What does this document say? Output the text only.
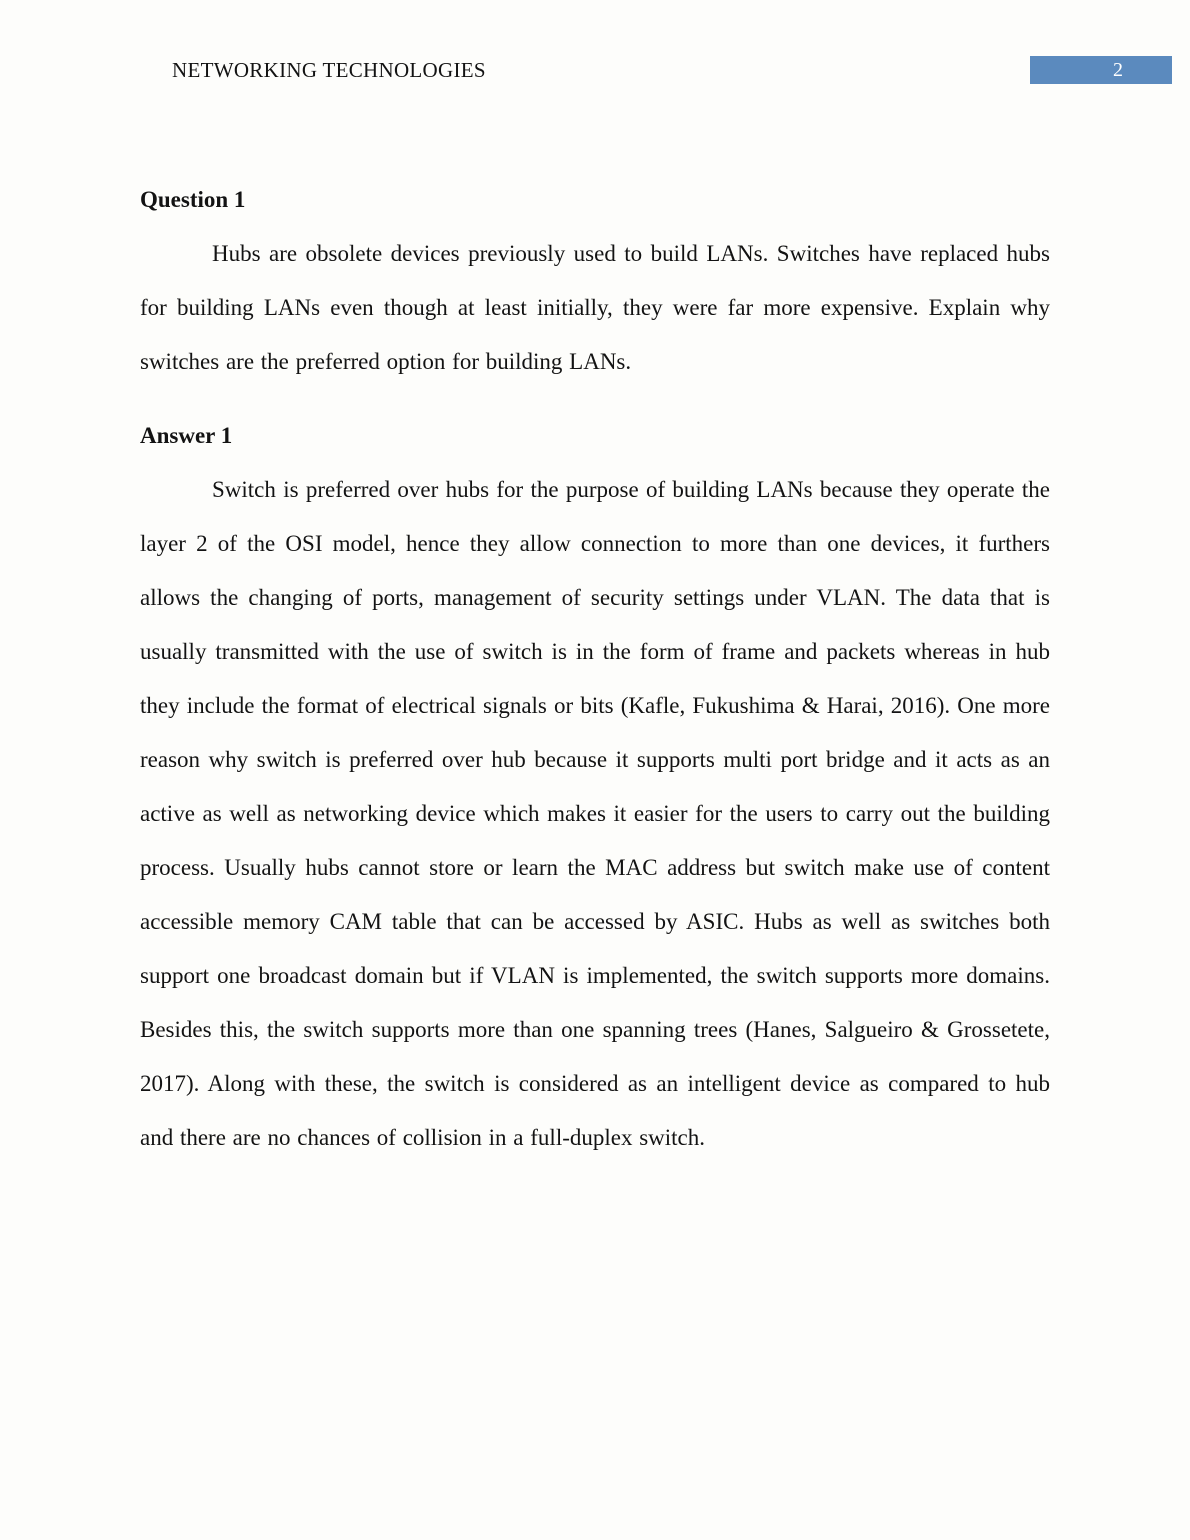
NETWORKING TECHNOLOGIES	2
Question 1

Hubs are obsolete devices previously used to build LANs. Switches have replaced hubs for building LANs even though at least initially, they were far more expensive. Explain why switches are the preferred option for building LANs.

Answer 1

Switch is preferred over hubs for the purpose of building LANs because they operate the layer 2 of the OSI model, hence they allow connection to more than one devices, it furthers allows the changing of ports, management of security settings under VLAN. The data that is usually transmitted with the use of switch is in the form of frame and packets whereas in hub they include the format of electrical signals or bits (Kafle, Fukushima & Harai, 2016). One more reason why switch is preferred over hub because it supports multi port bridge and it acts as an active as well as networking device which makes it easier for the users to carry out the building process. Usually hubs cannot store or learn the MAC address but switch make use of content accessible memory CAM table that can be accessed by ASIC. Hubs as well as switches both support one broadcast domain but if VLAN is implemented, the switch supports more domains. Besides this, the switch supports more than one spanning trees (Hanes, Salgueiro & Grossetete, 2017). Along with these, the switch is considered as an intelligent device as compared to hub and there are no chances of collision in a full-duplex switch.
